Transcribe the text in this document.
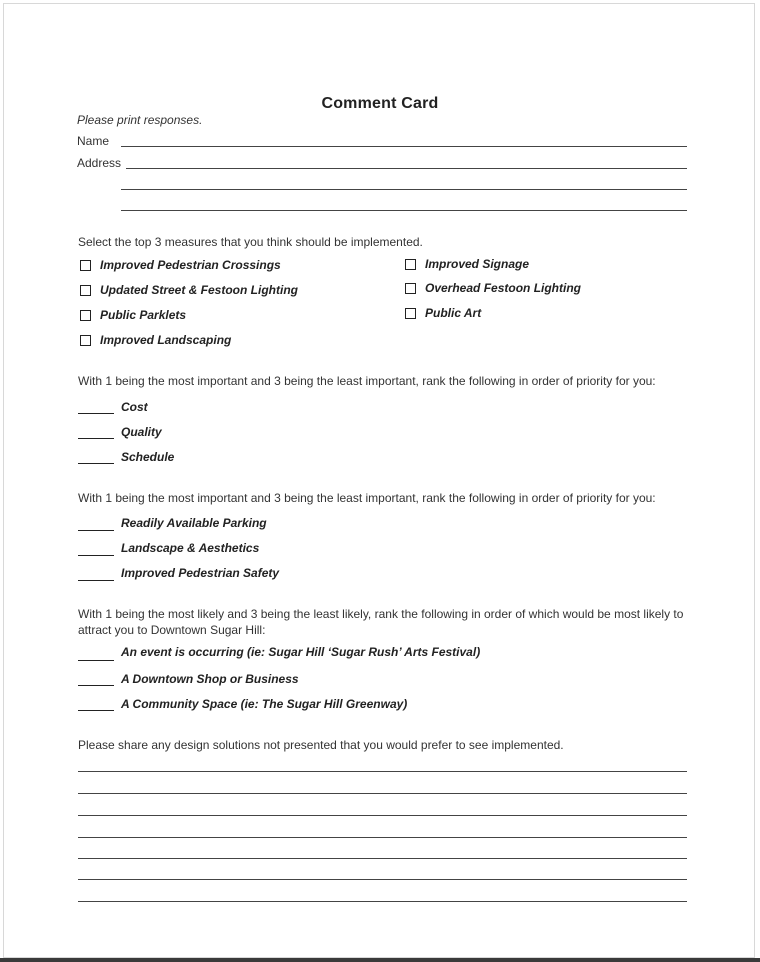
Comment Card
Please print responses.
Name
Address
Select the top 3 measures that you think should be implemented.
Improved Pedestrian Crossings
Updated Street & Festoon Lighting
Public Parklets
Improved Landscaping
Improved Signage
Overhead Festoon Lighting
Public Art
With 1 being the most important and 3 being the least important, rank the following in order of priority for you:
Cost
Quality
Schedule
With 1 being the most important and 3 being the least important, rank the following in order of priority for you:
Readily Available Parking
Landscape & Aesthetics
Improved Pedestrian Safety
With 1 being the most likely and 3 being the least likely, rank the following in order of which would be most likely to attract you to Downtown Sugar Hill:
An event is occurring (ie: Sugar Hill ‘Sugar Rush’ Arts Festival)
A Downtown Shop or Business
A Community Space (ie: The Sugar Hill Greenway)
Please share any design solutions not presented that you would prefer to see implemented.
